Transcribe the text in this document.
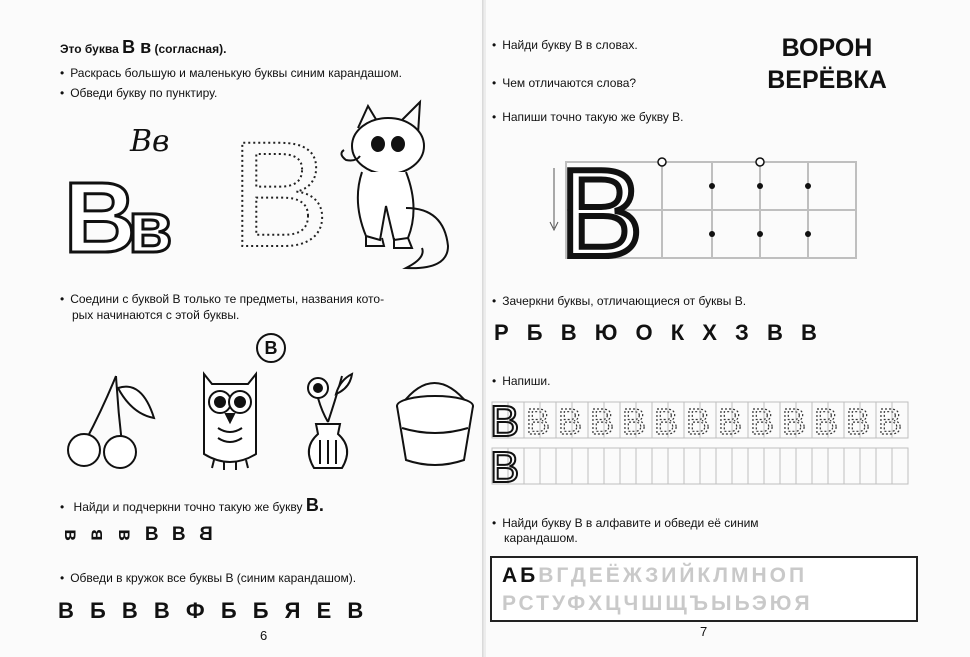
Это буква В в (согласная).
• Раскрась большую и маленькую буквы синим карандашом.
• Обведи букву по пунктиру.
Вв
В
в В
• Соедини с буквой В только те предметы, названия кото-
рых начинаются с этой буквы.
В
• Найди и подчеркни точно такую же букву В.
в в в В В В
• Обведи в кружок все буквы В (синим карандашом).
В Б В В Ф Б Б Я Е В
6
• Найди букву В в словах.
• Чем отличаются слова?
ВОРОН
ВЕРЁВКА
• Напиши точно такую же букву В.
В
• Зачеркни буквы, отличающиеся от буквы В.
Р Б В Ю О К Х З В В
• Напиши.
В В В В В В В В В В В В
В
В
• Найди букву В в алфавите и обведи её синим
карандашом.
АБВГДЕЁЖЗИЙКЛМНОП
РСТУФХЦЧШЩЪЫЬЭЮЯ
7
